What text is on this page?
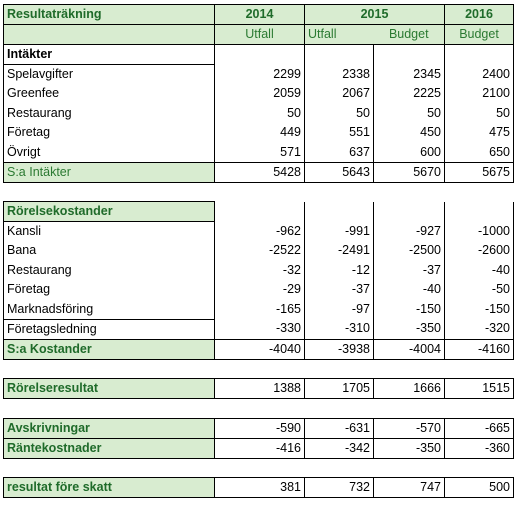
Resultaträkning	2014	2015		2016
	Utfall	Utfall	Budget	Budget
Intäkter				
Spelavgifter	2299	2338	2345	2400
Greenfee	2059	2067	2225	2100
Restaurang	50	50	50	50
Företag	449	551	450	475
Övrigt	571	637	600	650
S:a Intäkter	5428	5643	5670	5675

Rörelsekostander				
Kansli	-962	-991	-927	-1000
Bana	-2522	-2491	-2500	-2600
Restaurang	-32	-12	-37	-40
Företag	-29	-37	-40	-50
Marknadsföring	-165	-97	-150	-150
Företagsledning	-330	-310	-350	-320
S:a Kostander	-4040	-3938	-4004	-4160

Rörelseresultat	1388	1705	1666	1515

Avskrivningar	-590	-631	-570	-665
Räntekostnader	-416	-342	-350	-360

resultat före skatt	381	732	747	500
